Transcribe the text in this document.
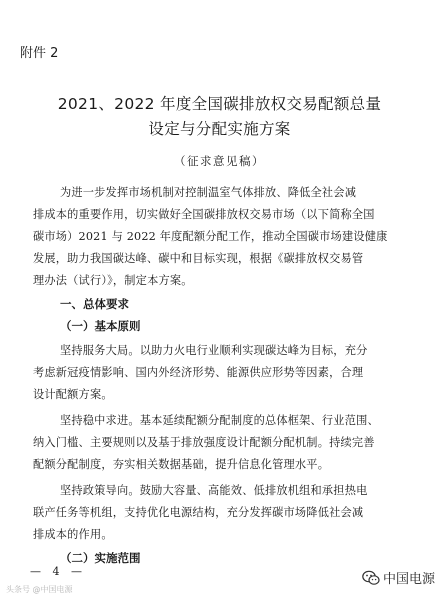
附件 2
2021、2022 年度全国碳排放权交易配额总量
设定与分配实施方案
（征求意见稿）
为进一步发挥市场机制对控制温室气体排放、降低全社会减
排成本的重要作用，切实做好全国碳排放权交易市场（以下简称全国
碳市场）2021 与 2022 年度配额分配工作，推动全国碳市场建设健康
发展，助力我国碳达峰、碳中和目标实现，根据《碳排放权交易管
理办法（试行）》，制定本方案。
一、总体要求
（一）基本原则
坚持服务大局。以助力火电行业顺利实现碳达峰为目标，充分
考虑新冠疫情影响、国内外经济形势、能源供应形势等因素，合理
设计配额方案。
坚持稳中求进。基本延续配额分配制度的总体框架、行业范围、
纳入门槛、主要规则以及基于排放强度设计配额分配机制。持续完善
配额分配制度，夯实相关数据基础，提升信息化管理水平。
坚持政策导向。鼓励大容量、高能效、低排放机组和承担热电
联产任务等机组，支持优化电源结构，充分发挥碳市场降低社会减
排成本的作用。
（二）实施范围
— 4 —
头条号 @中国电源
中国电源
